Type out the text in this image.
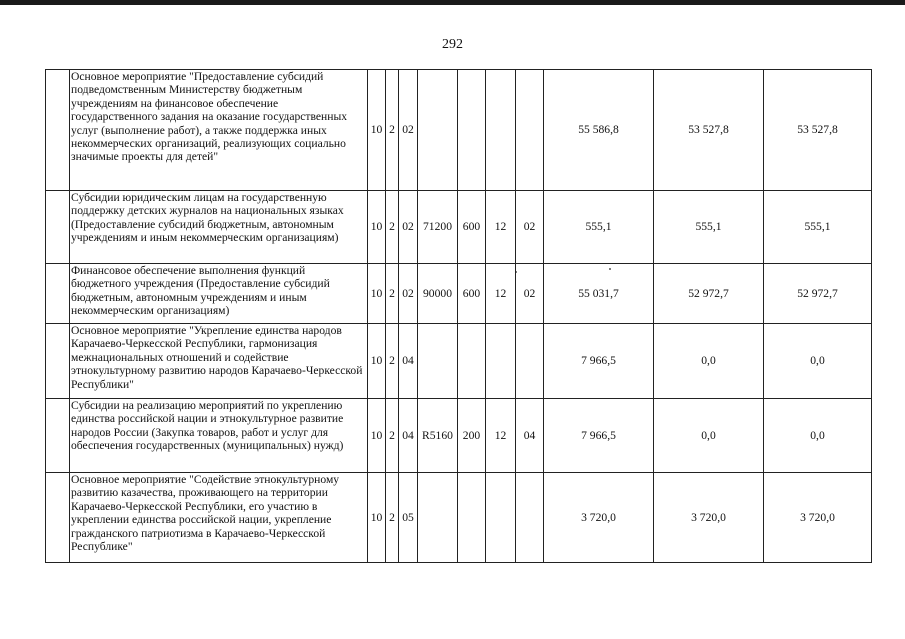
292
	Основное мероприятие "Предоставление субсидий подведомственным Министерству бюджетным учреждениям на финансовое обеспечение государственного задания на оказание государственных услуг (выполнение работ), а также поддержка иных некоммерческих организаций, реализующих социально значимые проекты для детей"	10	2	02					55 586,8	53 527,8	53 527,8
	Субсидии юридическим лицам на государственную поддержку детских журналов на национальных языках (Предоставление субсидий бюджетным, автономным учреждениям и иным некоммерческим организациям)	10	2	02	71200	600	12	02	555,1	555,1	555,1
	Финансовое обеспечение выполнения функций бюджетного учреждения (Предоставление субсидий бюджетным, автономным учреждениям и иным некоммерческим организациям)	10	2	02	90000	600	12	02	55 031,7	52 972,7	52 972,7
	Основное мероприятие "Укрепление единства народов Карачаево-Черкесской Республики, гармонизация межнациональных отношений и содействие этнокультурному развитию народов Карачаево-Черкесской Республики"	10	2	04					7 966,5	0,0	0,0
	Субсидии на реализацию мероприятий по укреплению единства российской нации и этнокультурное развитие народов России (Закупка товаров, работ и услуг для обеспечения государственных (муниципальных) нужд)	10	2	04	R5160	200	12	04	7 966,5	0,0	0,0
	Основное мероприятие "Содействие этнокультурному развитию казачества, проживающего на территории Карачаево-Черкесской Республики, его участию в укреплении единства российской нации, укрепление гражданского патриотизма в Карачаево-Черкесской Республике"	10	2	05					3 720,0	3 720,0	3 720,0
